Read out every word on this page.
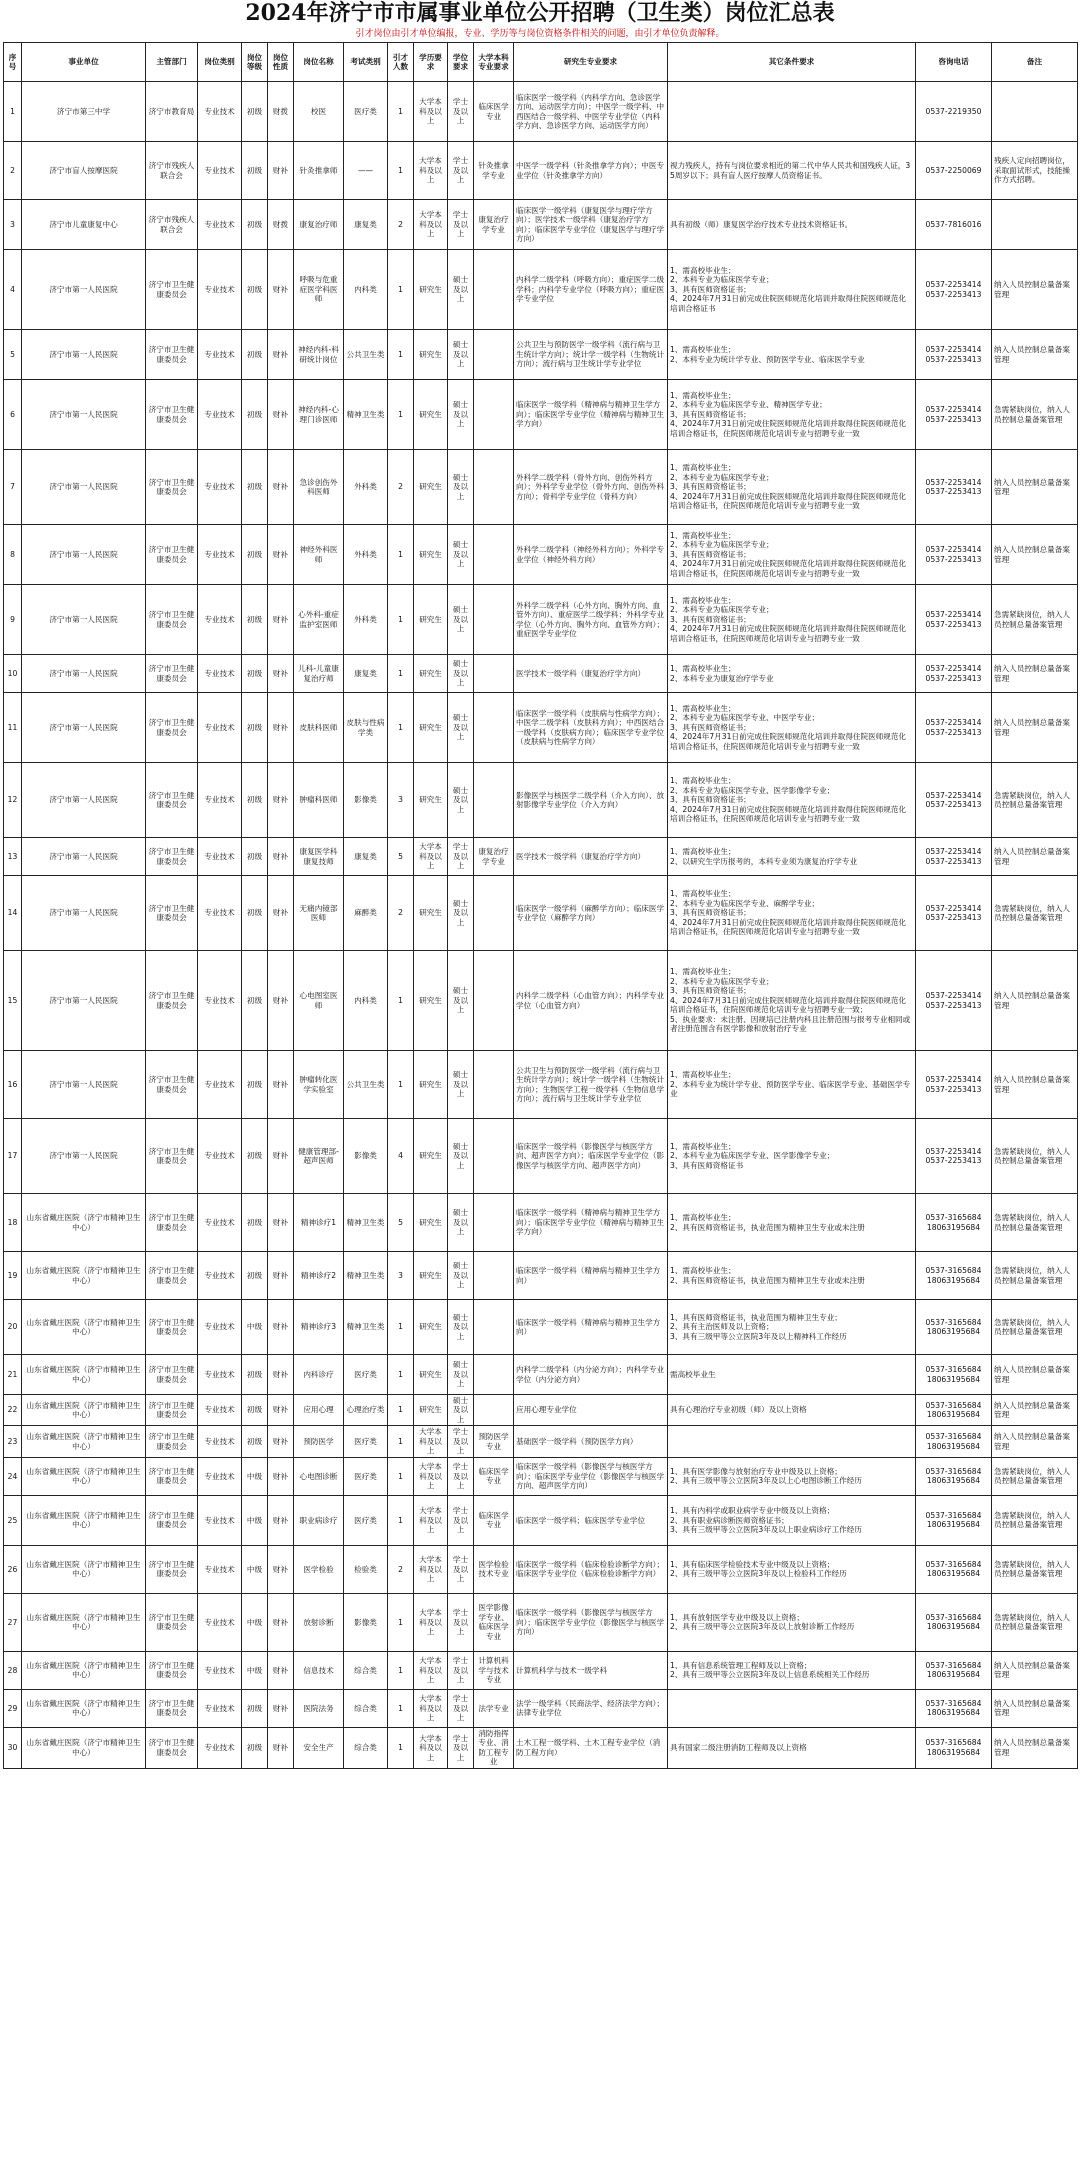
2024年济宁市市属事业单位公开招聘（卫生类）岗位汇总表
引才岗位由引才单位编报，专业、学历等与岗位资格条件相关的问题，由引才单位负责解释。
序号	事业单位	主管部门	岗位类别	岗位等级	岗位性质	岗位名称	考试类别	引才人数	学历要求	学位要求	大学本科专业要求	研究生专业要求	其它条件要求	咨询电话	备注
1	济宁市第三中学	济宁市教育局	专业技术	初级	财拨	校医	医疗类	1	大学本科及以上	学士及以上	临床医学专业	临床医学一级学科（内科学方向、急诊医学方向、运动医学方向）；中医学一级学科、中西医结合一级学科、中医学专业学位（内科学方向、急诊医学方向、运动医学方向）		0537-2219350	
2	济宁市盲人按摩医院	济宁市残疾人联合会	专业技术	初级	财补	针灸推拿师	——	1	大学本科及以上	学士及以上	针灸推拿学专业	中医学一级学科（针灸推拿学方向）；中医专业学位（针灸推拿学方向）	视力残疾人，持有与岗位要求相近的第二代中华人民共和国残疾人证，35周岁以下；具有盲人医疗按摩人员资格证书。	0537-2250069	残疾人定向招聘岗位，采取面试形式，技能操作方式招聘。
3	济宁市儿童康复中心	济宁市残疾人联合会	专业技术	初级	财拨	康复治疗师	康复类	2	大学本科及以上	学士及以上	康复治疗学专业	临床医学一级学科（康复医学与理疗学方向）；医学技术一级学科（康复治疗学方向）；临床医学专业学位（康复医学与理疗学方向）	具有初级（师）康复医学治疗技术专业技术资格证书。	0537-7816016	
4	济宁市第一人民医院	济宁市卫生健康委员会	专业技术	初级	财补	呼吸与危重症医学科医师	内科类	1	研究生	硕士及以上		内科学二级学科（呼吸方向）；重症医学二级学科；内科学专业学位（呼吸方向）；重症医学专业学位	1、需高校毕业生；
2、本科专业为临床医学专业；
3、具有医师资格证书；
4、2024年7月31日前完成住院医师规范化培训并取得住院医师规范化培训合格证书	0537-2253414
0537-2253413	纳入人员控制总量备案管理
5	济宁市第一人民医院	济宁市卫生健康委员会	专业技术	初级	财补	神经内科-科研统计岗位	公共卫生类	1	研究生	硕士及以上		公共卫生与预防医学一级学科（流行病与卫生统计学方向）；统计学一级学科（生物统计方向）；流行病与卫生统计学专业学位	1、需高校毕业生；
2、本科专业为统计学专业、预防医学专业、临床医学专业	0537-2253414
0537-2253413	纳入人员控制总量备案管理
6	济宁市第一人民医院	济宁市卫生健康委员会	专业技术	初级	财补	神经内科-心理门诊医师	精神卫生类	1	研究生	硕士及以上		临床医学一级学科（精神病与精神卫生学方向）；临床医学专业学位（精神病与精神卫生学方向）	1、需高校毕业生；
2、本科专业为临床医学专业、精神医学专业；
3、具有医师资格证书；
4、2024年7月31日前完成住院医师规范化培训并取得住院医师规范化培训合格证书，住院医师规范化培训专业与招聘专业一致	0537-2253414
0537-2253413	急需紧缺岗位，纳入人员控制总量备案管理
7	济宁市第一人民医院	济宁市卫生健康委员会	专业技术	初级	财补	急诊创伤外科医师	外科类	2	研究生	硕士及以上		外科学二级学科（骨外方向、创伤外科方向）；外科学专业学位（骨外方向、创伤外科方向）；骨科学专业学位（骨科方向）	1、需高校毕业生；
2、本科专业为临床医学专业；
3、具有医师资格证书；
4、2024年7月31日前完成住院医师规范化培训并取得住院医师规范化培训合格证书，住院医师规范化培训专业与招聘专业一致	0537-2253414
0537-2253413	纳入人员控制总量备案管理
8	济宁市第一人民医院	济宁市卫生健康委员会	专业技术	初级	财补	神经外科医师	外科类	1	研究生	硕士及以上		外科学二级学科（神经外科方向）；外科学专业学位（神经外科方向）	1、需高校毕业生；
2、本科专业为临床医学专业；
3、具有医师资格证书；
4、2024年7月31日前完成住院医师规范化培训并取得住院医师规范化培训合格证书，住院医师规范化培训专业与招聘专业一致	0537-2253414
0537-2253413	纳入人员控制总量备案管理
9	济宁市第一人民医院	济宁市卫生健康委员会	专业技术	初级	财补	心外科-重症监护室医师	外科类	1	研究生	硕士及以上		外科学二级学科（心外方向、胸外方向、血管外方向）、重症医学二级学科；外科学专业学位（心外方向、胸外方向、血管外方向）；重症医学专业学位	1、需高校毕业生；
2、本科专业为临床医学专业；
3、具有医师资格证书；
4、2024年7月31日前完成住院医师规范化培训并取得住院医师规范化培训合格证书，住院医师规范化培训专业与招聘专业一致	0537-2253414
0537-2253413	急需紧缺岗位，纳入人员控制总量备案管理
10	济宁市第一人民医院	济宁市卫生健康委员会	专业技术	初级	财补	儿科-儿童康复治疗师	康复类	1	研究生	硕士及以上		医学技术一级学科（康复治疗学方向）	1、需高校毕业生；
2、本科专业为康复治疗学专业	0537-2253414
0537-2253413	纳入人员控制总量备案管理
11	济宁市第一人民医院	济宁市卫生健康委员会	专业技术	初级	财补	皮肤科医师	皮肤与性病学类	1	研究生	硕士及以上		临床医学一级学科（皮肤病与性病学方向）；中医学二级学科（皮肤科方向）；中西医结合一级学科（皮肤病方向）；临床医学专业学位（皮肤病与性病学方向）	1、需高校毕业生；
2、本科专业为临床医学专业、中医学专业；
3、具有医师资格证书；
4、2024年7月31日前完成住院医师规范化培训并取得住院医师规范化培训合格证书，住院医师规范化培训专业与招聘专业一致	0537-2253414
0537-2253413	纳入人员控制总量备案管理
12	济宁市第一人民医院	济宁市卫生健康委员会	专业技术	初级	财补	肿瘤科医师	影像类	3	研究生	硕士及以上		影像医学与核医学二级学科（介入方向）、放射影像学专业学位（介入方向）	1、需高校毕业生；
2、本科专业为临床医学专业、医学影像学专业；
3、具有医师资格证书；
4、2024年7月31日前完成住院医师规范化培训并取得住院医师规范化培训合格证书，住院医师规范化培训专业与招聘专业一致	0537-2253414
0537-2253413	急需紧缺岗位，纳入人员控制总量备案管理
13	济宁市第一人民医院	济宁市卫生健康委员会	专业技术	初级	财补	康复医学科康复技师	康复类	5	大学本科及以上	学士及以上	康复治疗学专业	医学技术一级学科（康复治疗学方向）	1、需高校毕业生；
2、以研究生学历报考的，本科专业须为康复治疗学专业	0537-2253414
0537-2253413	纳入人员控制总量备案管理
14	济宁市第一人民医院	济宁市卫生健康委员会	专业技术	初级	财补	无痛内镜部医师	麻醉类	2	研究生	硕士及以上		临床医学一级学科（麻醉学方向）；临床医学专业学位（麻醉学方向）	1、需高校毕业生；
2、本科专业为临床医学专业、麻醉学专业；
3、具有医师资格证书；
4、2024年7月31日前完成住院医师规范化培训并取得住院医师规范化培训合格证书，住院医师规范化培训专业与招聘专业一致	0537-2253414
0537-2253413	急需紧缺岗位，纳入人员控制总量备案管理
15	济宁市第一人民医院	济宁市卫生健康委员会	专业技术	初级	财补	心电图室医师	内科类	1	研究生	硕士及以上		内科学二级学科（心血管方向）；内科学专业学位（心血管方向）	1、需高校毕业生；
2、本科专业为临床医学专业；
3、具有医师资格证书；
4、2024年7月31日前完成住院医师规范化培训并取得住院医师规范化培训合格证书，住院医师规范化培训专业与招聘专业一致；
5、执业要求：未注册、因规培已注册内科且注册范围与报考专业相同或者注册范围含有医学影像和放射治疗专业	0537-2253414
0537-2253413	纳入人员控制总量备案管理
16	济宁市第一人民医院	济宁市卫生健康委员会	专业技术	初级	财补	肿瘤转化医学实验室	公共卫生类	1	研究生	硕士及以上		公共卫生与预防医学一级学科（流行病与卫生统计学方向）；统计学一级学科（生物统计方向）；生物医学工程一级学科（生物信息学方向）；流行病与卫生统计学专业学位	1、需高校毕业生；
2、本科专业为统计学专业、预防医学专业、临床医学专业、基础医学专业	0537-2253414
0537-2253413	纳入人员控制总量备案管理
17	济宁市第一人民医院	济宁市卫生健康委员会	专业技术	初级	财补	健康管理部-超声医师	影像类	4	研究生	硕士及以上		临床医学一级学科（影像医学与核医学方向、超声医学方向）；临床医学专业学位（影像医学与核医学方向、超声医学方向）	1、需高校毕业生；
2、本科专业为临床医学专业、医学影像学专业；
3、具有医师资格证书	0537-2253414
0537-2253413	急需紧缺岗位，纳入人员控制总量备案管理
18	山东省戴庄医院（济宁市精神卫生中心）	济宁市卫生健康委员会	专业技术	初级	财补	精神诊疗1	精神卫生类	5	研究生	硕士及以上		临床医学一级学科（精神病与精神卫生学方向）；临床医学专业学位（精神病与精神卫生学方向）	1、需高校毕业生；
2、具有医师资格证书，执业范围为精神卫生专业或未注册	0537-3165684
18063195684	急需紧缺岗位，纳入人员控制总量备案管理
19	山东省戴庄医院（济宁市精神卫生中心）	济宁市卫生健康委员会	专业技术	初级	财补	精神诊疗2	精神卫生类	3	研究生	硕士及以上		临床医学一级学科（精神病与精神卫生学方向）	1、需高校毕业生；
2、具有医师资格证书，执业范围为精神卫生专业或未注册	0537-3165684
18063195684	急需紧缺岗位，纳入人员控制总量备案管理
20	山东省戴庄医院（济宁市精神卫生中心）	济宁市卫生健康委员会	专业技术	中级	财补	精神诊疗3	精神卫生类	1	研究生	硕士及以上		临床医学一级学科（精神病与精神卫生学方向）	1、具有医师资格证书，执业范围为精神卫生专业；
2、具有主治医师及以上资格；
3、具有三级甲等公立医院3年及以上精神科工作经历	0537-3165684
18063195684	急需紧缺岗位，纳入人员控制总量备案管理
21	山东省戴庄医院（济宁市精神卫生中心）	济宁市卫生健康委员会	专业技术	初级	财补	内科诊疗	医疗类	1	研究生	硕士及以上		内科学二级学科（内分泌方向）；内科学专业学位（内分泌方向）	需高校毕业生	0537-3165684
18063195684	纳入人员控制总量备案管理
22	山东省戴庄医院（济宁市精神卫生中心）	济宁市卫生健康委员会	专业技术	初级	财补	应用心理	心理治疗类	1	研究生	硕士及以上		应用心理专业学位	具有心理治疗专业初级（师）及以上资格	0537-3165684
18063195684	纳入人员控制总量备案管理
23	山东省戴庄医院（济宁市精神卫生中心）	济宁市卫生健康委员会	专业技术	初级	财补	预防医学	医疗类	1	大学本科及以上	学士及以上	预防医学专业	基础医学一级学科（预防医学方向）		0537-3165684
18063195684	纳入人员控制总量备案管理
24	山东省戴庄医院（济宁市精神卫生中心）	济宁市卫生健康委员会	专业技术	中级	财补	心电图诊断	医疗类	1	大学本科及以上	学士及以上	临床医学专业	临床医学一级学科（影像医学与核医学方向）；临床医学专业学位（影像医学与核医学方向、超声医学方向）	1、具有医学影像与放射治疗专业中级及以上资格；
2、具有三级甲等公立医院3年及以上心电图诊断工作经历	0537-3165684
18063195684	急需紧缺岗位，纳入人员控制总量备案管理
25	山东省戴庄医院（济宁市精神卫生中心）	济宁市卫生健康委员会	专业技术	中级	财补	职业病诊疗	医疗类	1	大学本科及以上	学士及以上	临床医学专业	临床医学一级学科；临床医学专业学位	1、具有内科学或职业病学专业中级及以上资格；
2、具有职业病诊断医师资格证书；
3、具有三级甲等公立医院3年及以上职业病诊疗工作经历	0537-3165684
18063195684	急需紧缺岗位，纳入人员控制总量备案管理
26	山东省戴庄医院（济宁市精神卫生中心）	济宁市卫生健康委员会	专业技术	中级	财补	医学检验	检验类	2	大学本科及以上	学士及以上	医学检验技术专业	临床医学一级学科（临床检验诊断学方向）；临床医学专业学位（临床检验诊断学方向）	1、具有临床医学检验技术专业中级及以上资格；
2、具有三级甲等公立医院3年及以上检验科工作经历	0537-3165684
18063195684	急需紧缺岗位，纳入人员控制总量备案管理
27	山东省戴庄医院（济宁市精神卫生中心）	济宁市卫生健康委员会	专业技术	中级	财补	放射诊断	影像类	1	大学本科及以上	学士及以上	医学影像学专业、临床医学专业	临床医学一级学科（影像医学与核医学方向）；临床医学专业学位（影像医学与核医学方向）	1、具有放射医学专业中级及以上资格；
2、具有三级甲等公立医院3年及以上放射诊断工作经历	0537-3165684
18063195684	急需紧缺岗位，纳入人员控制总量备案管理
28	山东省戴庄医院（济宁市精神卫生中心）	济宁市卫生健康委员会	专业技术	中级	财补	信息技术	综合类	1	大学本科及以上	学士及以上	计算机科学与技术专业	计算机科学与技术一级学科	1、具有信息系统管理工程师及以上资格；
2、具有三级甲等公立医院3年及以上信息系统相关工作经历	0537-3165684
18063195684	纳入人员控制总量备案管理
29	山东省戴庄医院（济宁市精神卫生中心）	济宁市卫生健康委员会	专业技术	初级	财补	医院法务	综合类	1	大学本科及以上	学士及以上	法学专业	法学一级学科（民商法学、经济法学方向）；法律专业学位		0537-3165684
18063195684	纳入人员控制总量备案管理
30	山东省戴庄医院（济宁市精神卫生中心）	济宁市卫生健康委员会	专业技术	初级	财补	安全生产	综合类	1	大学本科及以上	学士及以上	消防指挥专业、消防工程专业	土木工程一级学科、土木工程专业学位（消防工程方向）	具有国家二级注册消防工程师及以上资格	0537-3165684
18063195684	纳入人员控制总量备案管理
